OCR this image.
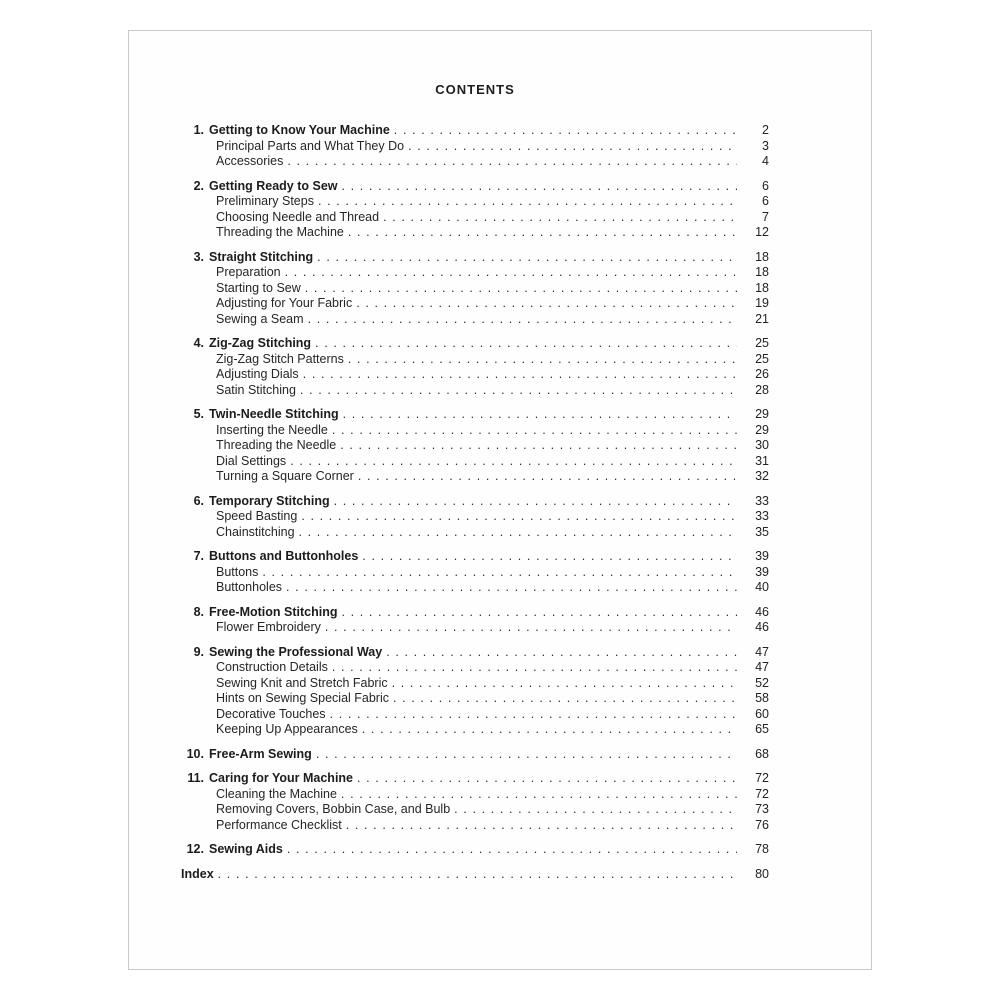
CONTENTS
1. Getting to Know Your Machine . . .	2
Principal Parts and What They Do . . .	3
Accessories . . .	4
2. Getting Ready to Sew . . .	6
Preliminary Steps . . .	6
Choosing Needle and Thread . . .	7
Threading the Machine . . .	12
3. Straight Stitching . . .	18
Preparation . . .	18
Starting to Sew . . .	18
Adjusting for Your Fabric . . .	19
Sewing a Seam . . .	21
4. Zig-Zag Stitching . . .	25
Zig-Zag Stitch Patterns . . .	25
Adjusting Dials . . .	26
Satin Stitching . . .	28
5. Twin-Needle Stitching . . .	29
Inserting the Needle . . .	29
Threading the Needle . . .	30
Dial Settings . . .	31
Turning a Square Corner . . .	32
6. Temporary Stitching . . .	33
Speed Basting . . .	33
Chainstitching . . .	35
7. Buttons and Buttonholes . . .	39
Buttons . . .	39
Buttonholes . . .	40
8. Free-Motion Stitching . . .	46
Flower Embroidery . . .	46
9. Sewing the Professional Way . . .	47
Construction Details . . .	47
Sewing Knit and Stretch Fabric . . .	52
Hints on Sewing Special Fabric . . .	58
Decorative Touches . . .	60
Keeping Up Appearances . . .	65
10. Free-Arm Sewing . . .	68
11. Caring for Your Machine . . .	72
Cleaning the Machine . . .	72
Removing Covers, Bobbin Case, and Bulb . . .	73
Performance Checklist . . .	76
12. Sewing Aids . . .	78
Index . . .	80
